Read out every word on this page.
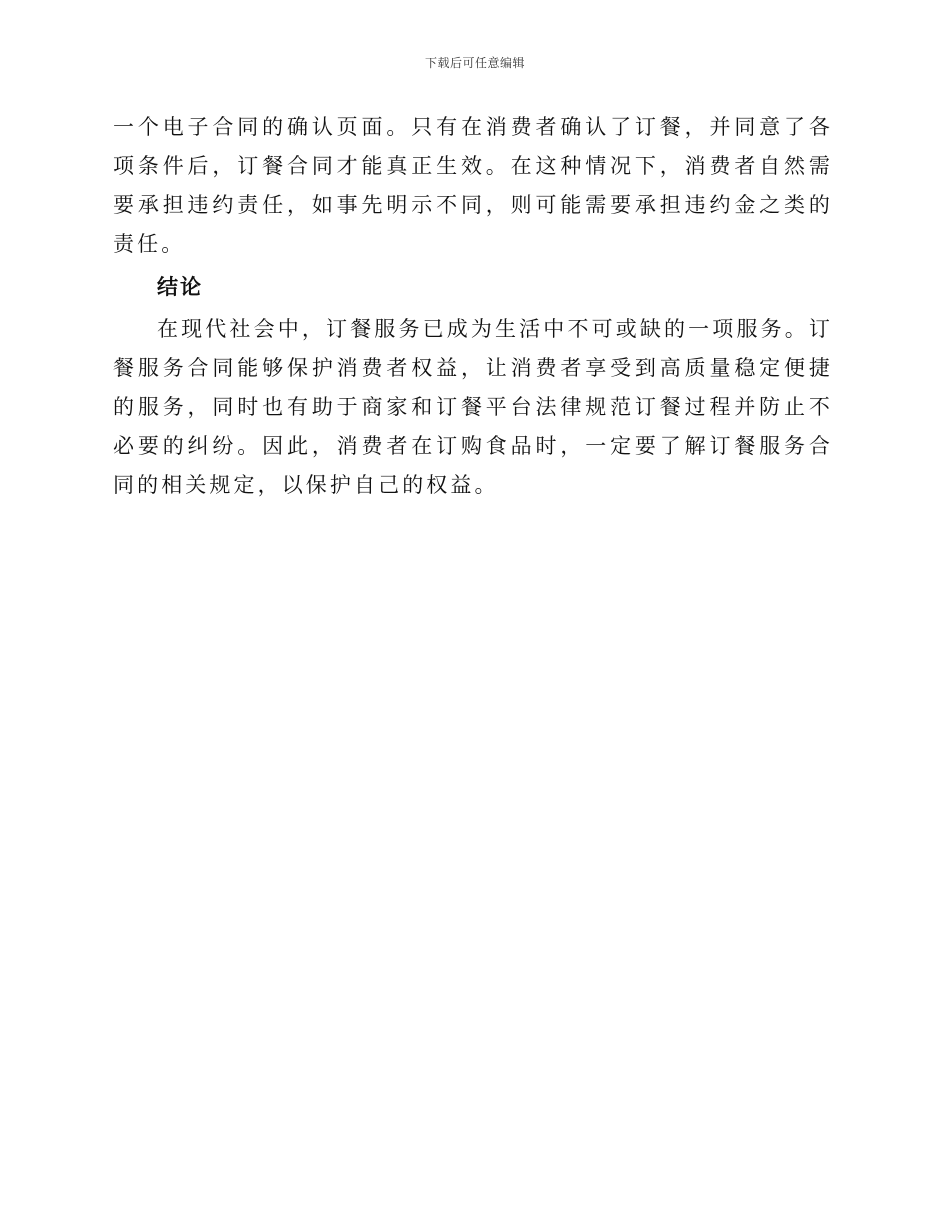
下载后可任意编辑

一个电子合同的确认页面。只有在消费者确认了订餐，并同意了各项条件后，订餐合同才能真正生效。在这种情况下，消费者自然需要承担违约责任，如事先明示不同，则可能需要承担违约金之类的责任。

结论

在现代社会中，订餐服务已成为生活中不可或缺的一项服务。订餐服务合同能够保护消费者权益，让消费者享受到高质量稳定便捷的服务，同时也有助于商家和订餐平台法律规范订餐过程并防止不必要的纠纷。因此，消费者在订购食品时，一定要了解订餐服务合同的相关规定，以保护自己的权益。
